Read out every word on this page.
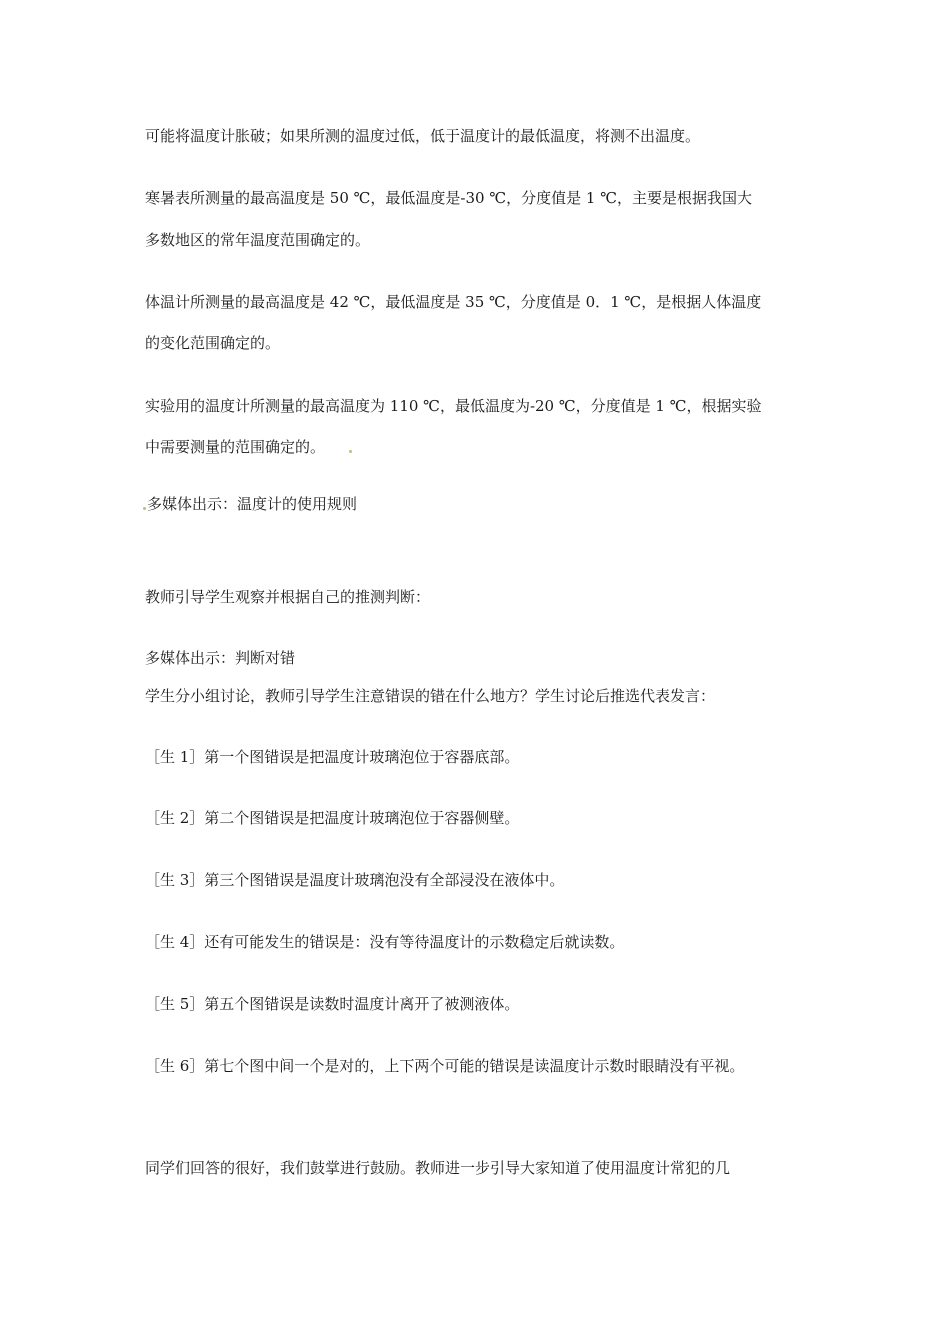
可能将温度计胀破；如果所测的温度过低，低于温度计的最低温度，将测不出温度。
寒暑表所测量的最高温度是 50 ℃，最低温度是-30 ℃，分度值是 1 ℃，主要是根据我国大
多数地区的常年温度范围确定的。
体温计所测量的最高温度是 42 ℃，最低温度是 35 ℃，分度值是 0．1 ℃，是根据人体温度
的变化范围确定的。
实验用的温度计所测量的最高温度为 110 ℃，最低温度为-20 ℃，分度值是 1 ℃，根据实验
中需要测量的范围确定的。
多媒体出示：温度计的使用规则
教师引导学生观察并根据自己的推测判断：
多媒体出示：判断对错
学生分小组讨论，教师引导学生注意错误的错在什么地方？学生讨论后推选代表发言：
［生 1］第一个图错误是把温度计玻璃泡位于容器底部。
［生 2］第二个图错误是把温度计玻璃泡位于容器侧壁。
［生 3］第三个图错误是温度计玻璃泡没有全部浸没在液体中。
［生 4］还有可能发生的错误是：没有等待温度计的示数稳定后就读数。
［生 5］第五个图错误是读数时温度计离开了被测液体。
［生 6］第七个图中间一个是对的，上下两个可能的错误是读温度计示数时眼睛没有平视。
同学们回答的很好，我们鼓掌进行鼓励。教师进一步引导大家知道了使用温度计常犯的几
